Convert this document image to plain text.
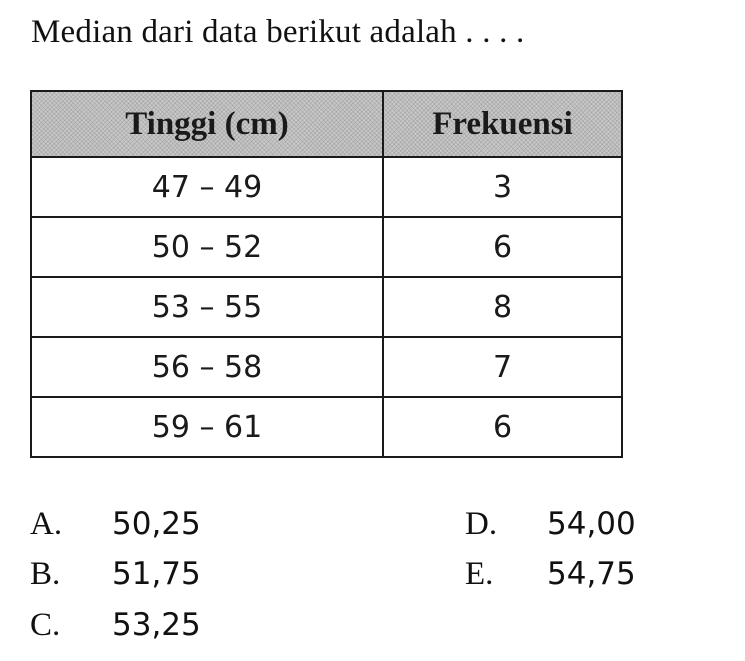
Median dari data berikut adalah . . . .
Tinggi (cm)	Frekuensi
47 – 49	3
50 – 52	6
53 – 55	8
56 – 58	7
59 – 61	6
A. 50,25
B. 51,75
C. 53,25
D. 54,00
E. 54,75
